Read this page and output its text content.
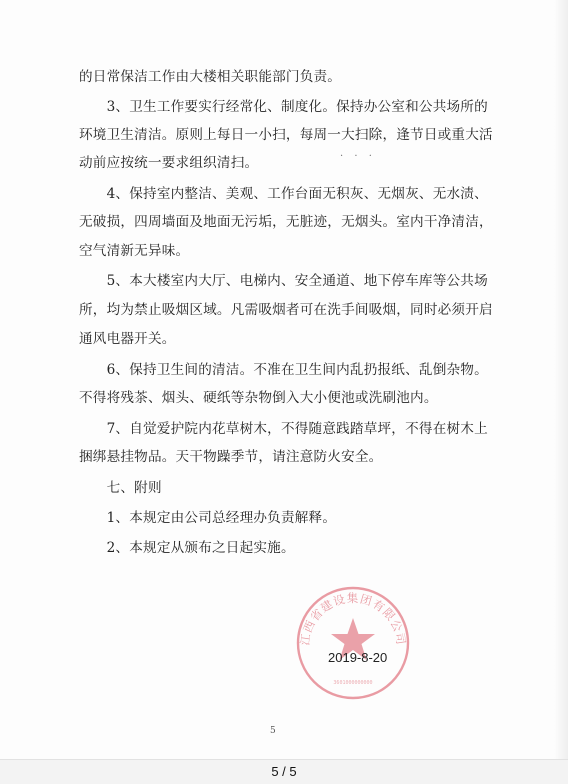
的日常保洁工作由大楼相关职能部门负责。
　　3、卫生工作要实行经常化、制度化。保持办公室和公共场所的
环境卫生清洁。原则上每日一小扫，每周一大扫除，逢节日或重大活
动前应按统一要求组织清扫。
　　4、保持室内整洁、美观、工作台面无积灰、无烟灰、无水渍、
无破损，四周墙面及地面无污垢，无脏迹，无烟头。室内干净清洁，
空气清新无异味。
　　5、本大楼室内大厅、电梯内、安全通道、地下停车库等公共场
所，均为禁止吸烟区域。凡需吸烟者可在洗手间吸烟，同时必须开启
通风电器开关。
　　6、保持卫生间的清洁。不准在卫生间内乱扔报纸、乱倒杂物。
不得将残茶、烟头、硬纸等杂物倒入大小便池或洗刷池内。
　　7、自觉爱护院内花草树木，不得随意践踏草坪，不得在树木上
捆绑悬挂物品。天干物躁季节，请注意防火安全。
　　七、附则
　　1、本规定由公司总经理办负责解释。
　　2、本规定从颁布之日起实施。
· · ·
江西省建设集团有限公司
3601000000000
2019-8-20
5
5 / 5
